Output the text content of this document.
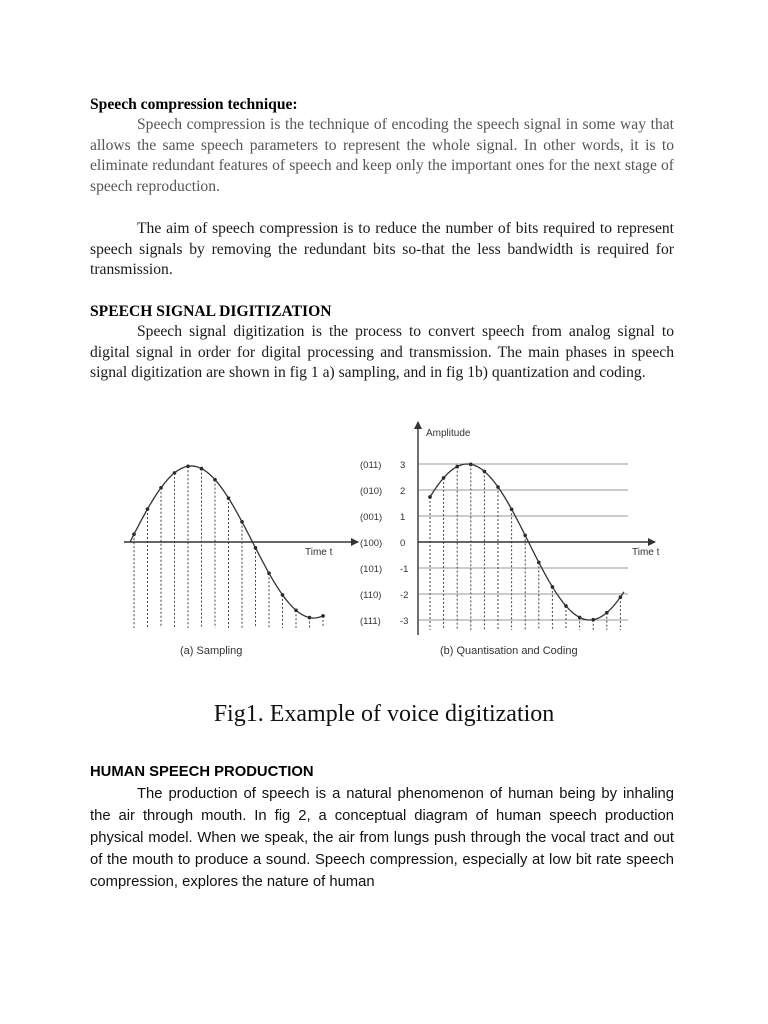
Speech compression technique:

Speech compression is the technique of encoding the speech signal in some way that allows the same speech parameters to represent the whole signal. In other words, it is to eliminate redundant features of speech and keep only the important ones for the next stage of speech reproduction.

The aim of speech compression is to reduce the number of bits required to represent speech signals by removing the redundant bits so-that the less bandwidth is required for transmission.

SPEECH SIGNAL DIGITIZATION

Speech signal digitization is the process to convert speech from analog signal to digital signal in order for digital processing and transmission. The main phases in speech signal digitization are shown in fig 1 a) sampling, and in fig 1b) quantization and coding.

Time t
(a) Sampling
Amplitude
(011) 3
(010) 2
(001) 1
(100) 0
(101) -1
(110) -2
(111) -3
Time t
(b) Quantisation and Coding
Fig1. Example of voice digitization

HUMAN SPEECH PRODUCTION

The production of speech is a natural phenomenon of human being by inhaling the air through mouth. In fig 2, a conceptual diagram of human speech production physical model. When we speak, the air from lungs push through the vocal tract and out of the mouth to produce a sound. Speech compression, especially at low bit rate speech compression, explores the nature of human
